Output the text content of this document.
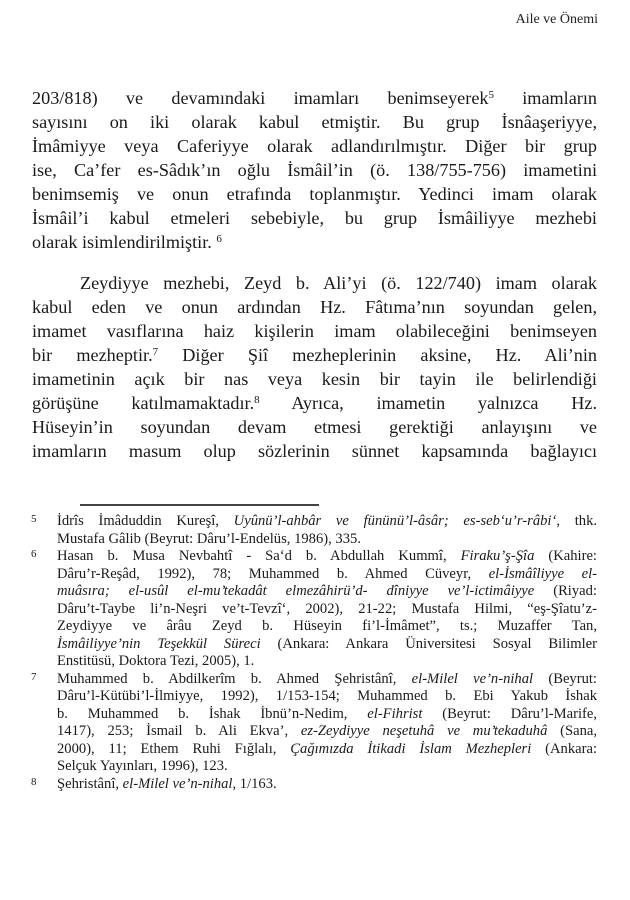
Aile ve Önemi
203/818) ve devamındaki imamları benimseyerek$^5$ imamların
sayısını on iki olarak kabul etmiştir. Bu grup İsnâaşeriyye,
İmâmiyye veya Caferiyye olarak adlandırılmıştır. Diğer bir grup
ise, Ca’fer es-Sâdık’ın oğlu İsmâil’in (ö. 138/755-756) imametini
benimsemiş ve onun etrafında toplanmıştır. Yedinci imam olarak
İsmâil’i kabul etmeleri sebebiyle, bu grup İsmâiliyye mezhebi
olarak isimlendirilmiştir. $^6$
Zeydiyye mezhebi, Zeyd b. Ali’yi (ö. 122/740) imam olarak
kabul eden ve onun ardından Hz. Fâtıma’nın soyundan gelen,
imamet vasıflarına haiz kişilerin imam olabileceğini benimseyen
bir mezheptir.$^7$ Diğer Şiî mezheplerinin aksine, Hz. Ali’nin
imametinin açık bir nas veya kesin bir tayin ile belirlendiği
görüşüne katılmamaktadır.$^8$ Ayrıca, imametin yalnızca Hz.
Hüseyin’in soyundan devam etmesi gerektiği anlayışını ve
imamların masum olup sözlerinin sünnet kapsamında bağlayıcı
5 İdrîs İmâduddin Kureşî, Uyûnü’l-ahbâr ve fününü’l-âsâr; es-seb‘u’r-râbi‘, thk.
Mustafa Gâlib (Beyrut: Dâru’l-Endelüs, 1986), 335.
6 Hasan b. Musa Nevbahtî - Sa‘d b. Abdullah Kummî, Firaku’ş-Şîa (Kahire:
Dâru’r-Reşâd, 1992), 78; Muhammed b. Ahmed Cüveyr, el-İsmâîliyye el-
muâsıra; el-usûl el-mu’tekadât elmezâhirü’d- dîniyye ve’l-ictimâiyye (Riyad:
Dâru’t-Taybe li’n-Neşri ve’t-Tevzî‘, 2002), 21-22; Mustafa Hilmi, “eş-Şîatu’z-
Zeydiyye ve ârâu Zeyd b. Hüseyin fi’l-İmâmet”, ts.; Muzaffer Tan,
İsmâiliyye’nin Teşekkül Süreci (Ankara: Ankara Üniversitesi Sosyal Bilimler
Enstitüsü, Doktora Tezi, 2005), 1.
7 Muhammed b. Abdilkerîm b. Ahmed Şehristânî, el-Milel ve’n-nihal (Beyrut:
Dâru’l-Kütübi’l-İlmiyye, 1992), 1/153-154; Muhammed b. Ebi Yakub İshak
b. Muhammed b. İshak İbnü’n-Nedim, el-Fihrist (Beyrut: Dâru’l-Marife,
1417), 253; İsmail b. Ali Ekva’, ez-Zeydiyye neşetuhâ ve mu’tekaduhâ (Sana,
2000), 11; Ethem Ruhi Fığlalı, Çağımızda İtikadi İslam Mezhepleri (Ankara:
Selçuk Yayınları, 1996), 123.
8 Şehristânî, el-Milel ve’n-nihal, 1/163.
